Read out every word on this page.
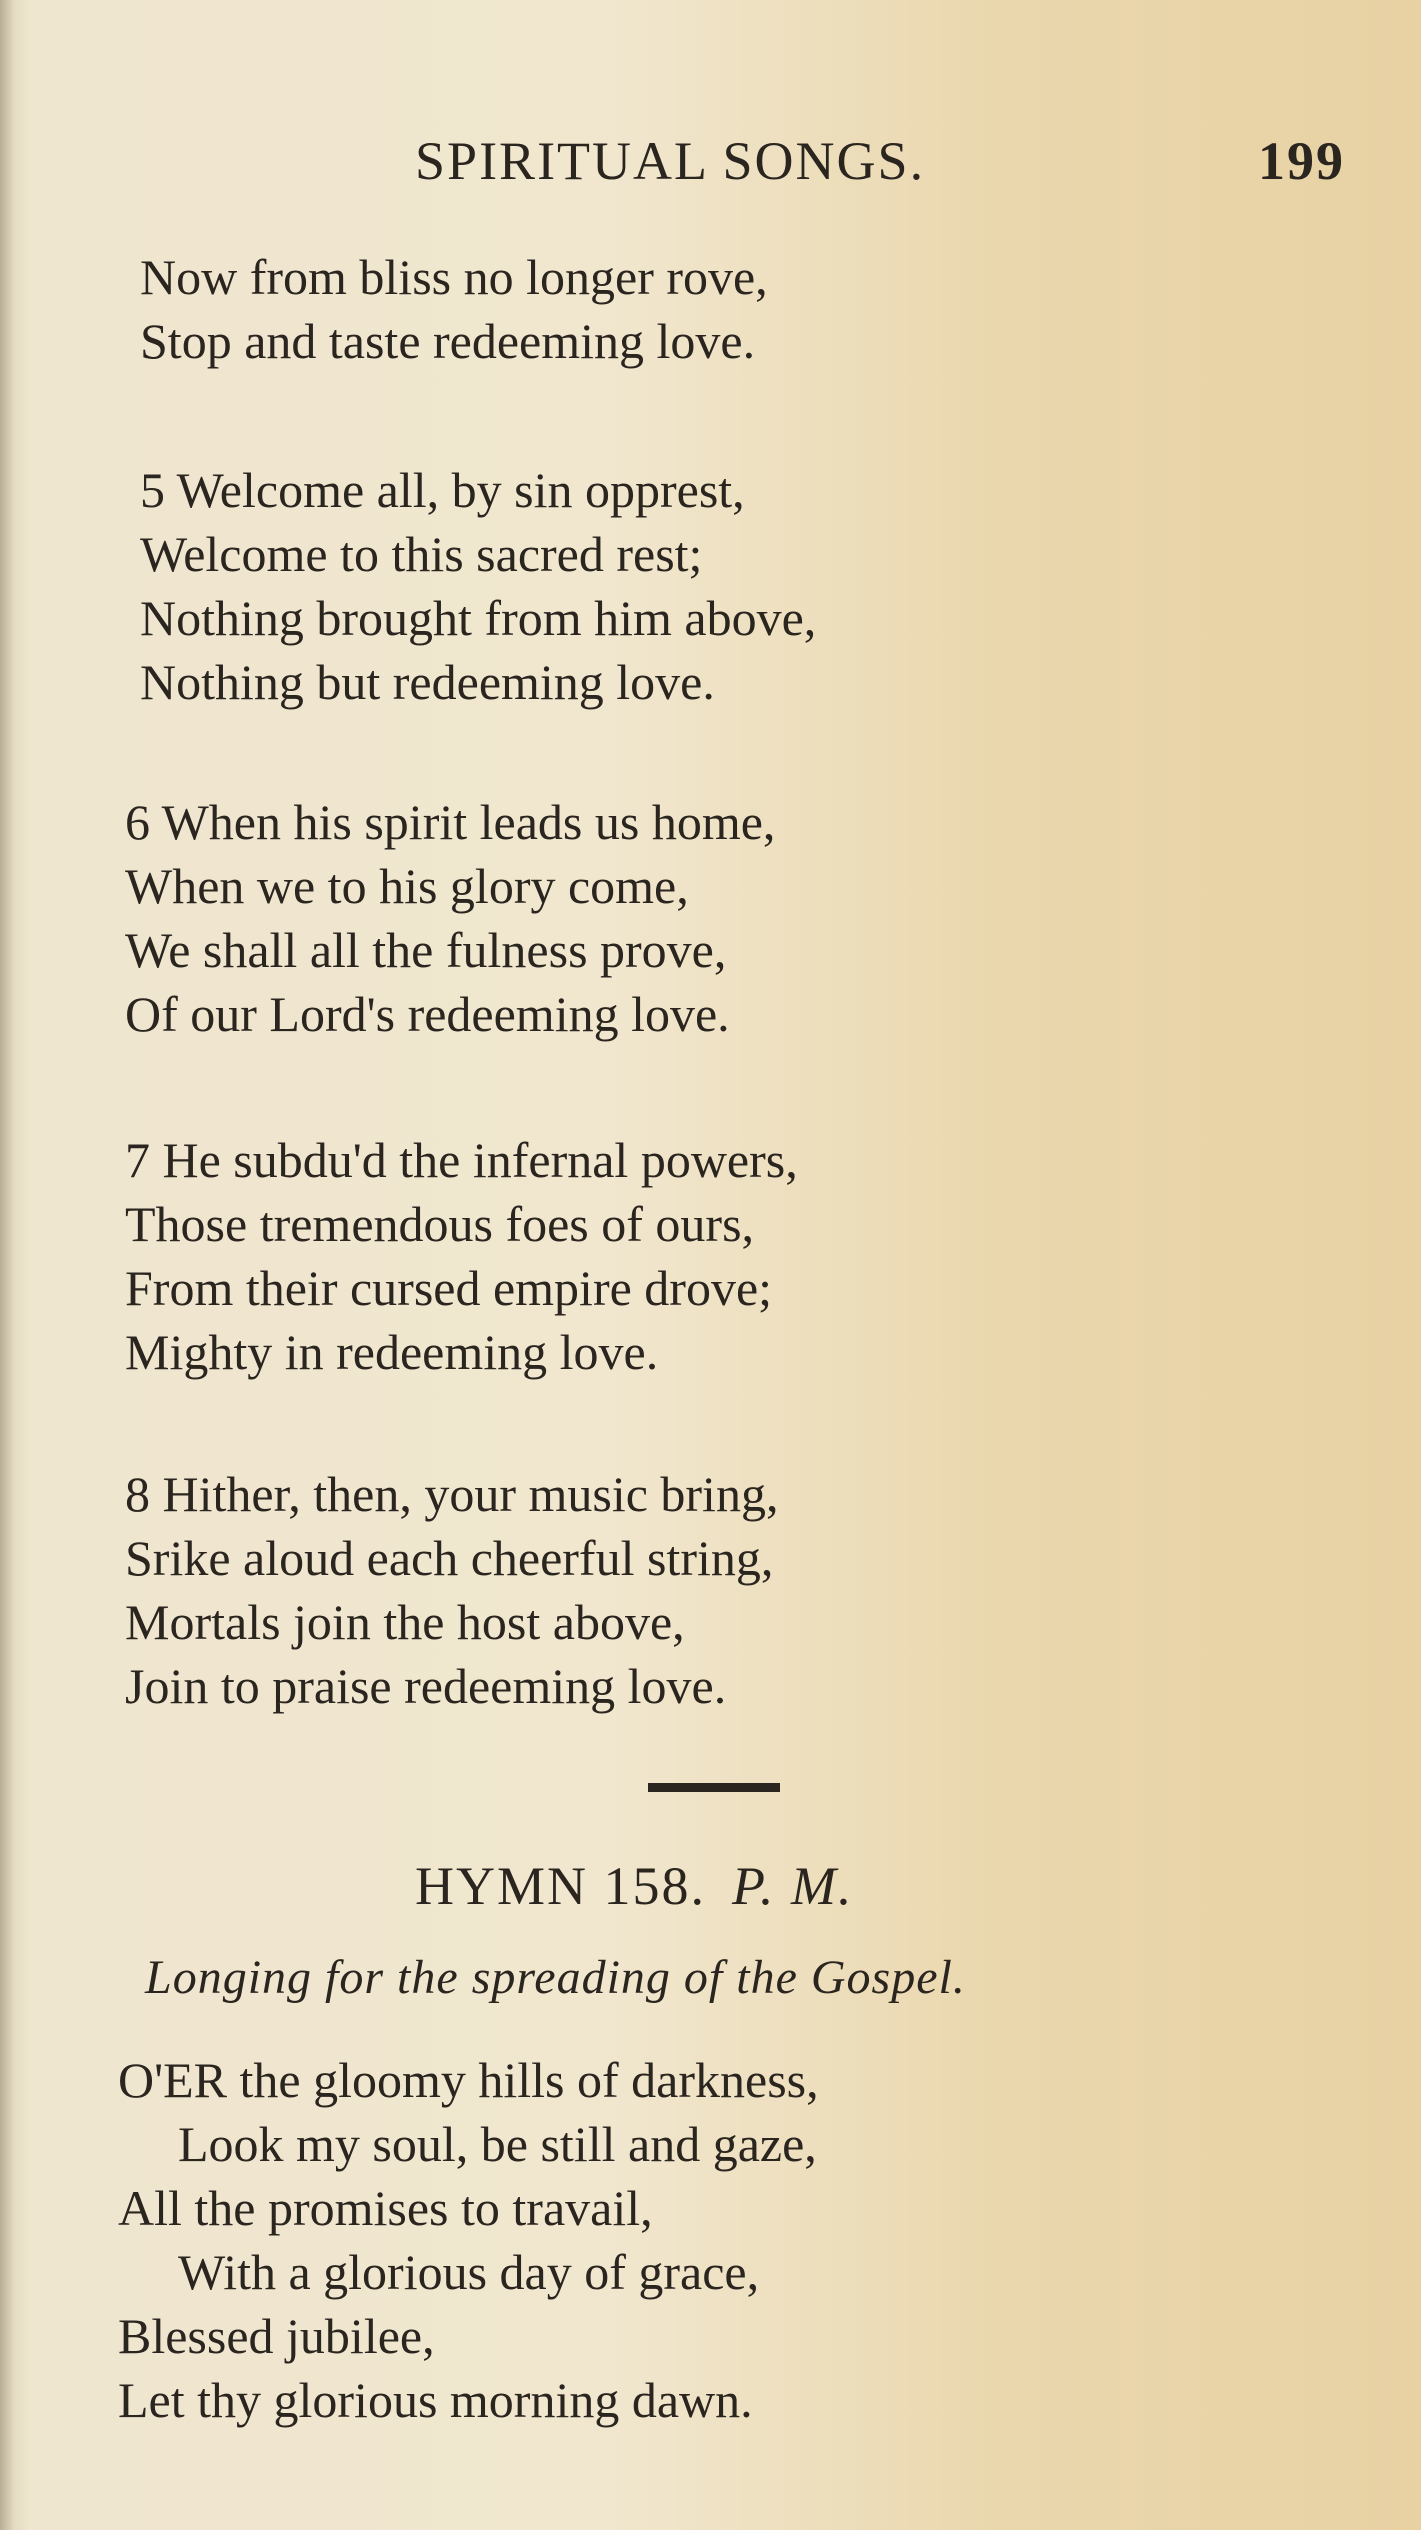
SPIRITUAL SONGS.	199
Now from bliss no longer rove,
Stop and taste redeeming love.
5 Welcome all, by sin opprest,
Welcome to this sacred rest;
Nothing brought from him above,
Nothing but redeeming love.
6 When his spirit leads us home,
When we to his glory come,
We shall all the fulness prove,
Of our Lord's redeeming love.
7 He subdu'd the infernal powers,
Those tremendous foes of ours,
From their cursed empire drove;
Mighty in redeeming love.
8 Hither, then, your music bring,
Srike aloud each cheerful string,
Mortals join the host above,
Join to praise redeeming love.
HYMN 158. P. M.
Longing for the spreading of the Gospel.
O'ER the gloomy hills of darkness,
Look my soul, be still and gaze,
All the promises to travail,
With a glorious day of grace,
Blessed jubilee,
Let thy glorious morning dawn.
